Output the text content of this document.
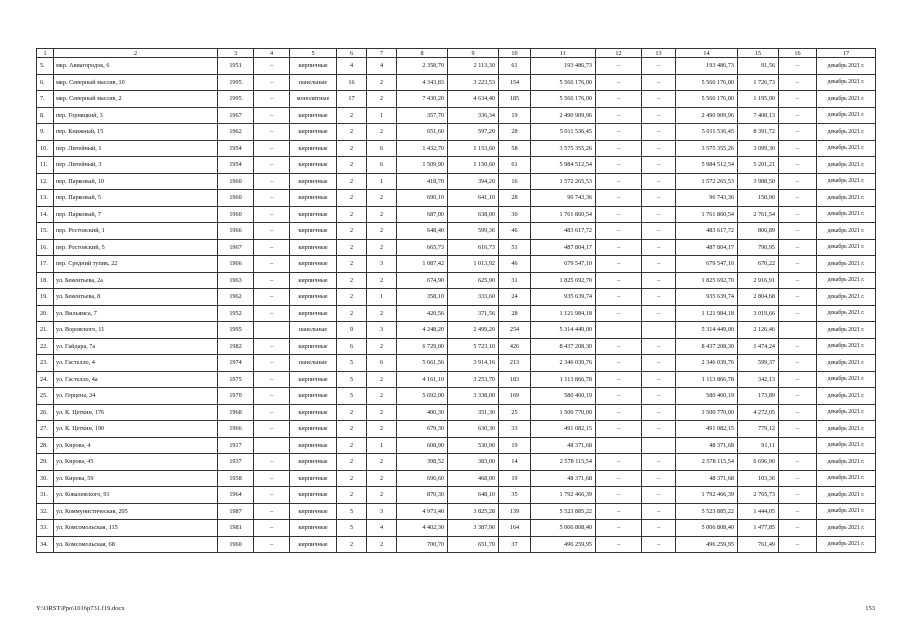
1	2	3	4	5	6	7	8	9	10	11	12	13	14	15	16	17
5.	мкр. Авиагородок, 6	1951	–	кирпичные	4	4	2 358,70	2 113,30	61	193 486,73	–	–	193 486,73	91,56	–	декабрь 2021 г.
6.	мкр. Северный массив, 10	1995	–	панельные	16	2	4 343,83	3 223,53	154	5 566 176,00	–	–	5 566 176,00	1 726,73	–	декабрь 2021 г.
7.	мкр. Северный массив, 2	1995	–	монолитные	17	2	7 430,20	4 634,40	185	5 566 176,00	–	–	5 566 176,00	1 195,90	–	декабрь 2021 г.
8.	пер. Горняцкий, 3	1967	–	кирпичные	2	1	357,70	336,34	19	2 490 909,96	–	–	2 490 909,96	7 408,13	–	декабрь 2021 г.
9.	пер. Книжный, 15	1962	–	кирпичные	2	2	651,60	597,20	28	5 011 536,45	–	–	5 011 536,45	8 391,72	–	декабрь 2021 г.
10.	пер. Литейный, 1	1954	–	кирпичные	2	6	1 432,70	1 153,60	58	3 575 355,26	–	–	3 575 355,26	3 099,30	–	декабрь 2021 г.
11.	пер. Литейный, 3	1954	–	кирпичные	2	6	1 509,90	1 150,60	61	5 984 512,54	–	–	5 984 512,54	5 201,21	–	декабрь 2021 г.
12.	пер. Парковый, 10	1960	–	кирпичные	2	1	418,70	394,20	16	1 572 265,53	–	–	1 572 265,53	3 988,50	–	декабрь 2021 г.
13.	пер. Парковый, 5	1960	–	кирпичные	2	2	690,10	641,10	28	96 743,36	–	–	96 743,36	150,90	–	декабрь 2021 г.
14.	пер. Парковый, 7	1960	–	кирпичные	2	2	687,00	638,00	30	1 761 860,54	–	–	1 761 860,54	2 761,54	–	декабрь 2021 г.
15.	пер. Ростовский, 1	1966	–	кирпичные	2	2	648,40	599,36	46	483 617,72	–	–	483 617,72	806,89	–	декабрь 2021 г.
16.	пер. Ростовский, 5	1967	–	кирпичные	2	2	665,73	616,73	51	487 804,17	–	–	487 804,17	790,95	–	декабрь 2021 г.
17.	пер. Средний тупик, 22	1966	–	кирпичные	2	3	1 087,42	1 013,92	46	679 547,10	–	–	679 547,10	670,22	–	декабрь 2021 г.
18.	ул. Бекентьева, 2а	1963	–	кирпичные	2	2	674,90	625,90	31	1 825 692,70	–	–	1 825 692,70	2 916,91	–	декабрь 2021 г.
19.	ул. Бекентьева, 8	1962	–	кирпичные	2	1	358,10	333,60	24	935 639,74	–	–	935 639,74	2 804,68	–	декабрь 2021 г.
20.	ул. Вильямса, 7	1952	–	кирпичные	2	2	420,56	371,56	28	1 121 984,18	–	–	1 121 984,18	3 019,66	–	декабрь 2021 г.
21.	ул. Воровского, 11	1995		панельные	9	3	4 248,20	2 499,20	254	5 314 449,00			5 314 449,00	2 126,46		декабрь 2021 г.
22.	ул. Гайдара, 7а	1982	–	кирпичные	6	2	6 729,00	5 723,10	426	8 437 208,30	–	–	8 437 208,30	1 474,24	–	декабрь 2021 г.
23.	ул. Гастелло, 4	1974	–	панельные	5	6	5 661,56	3 914,16	213	2 346 039,76	–	–	2 346 039,76	599,37	–	декабрь 2021 г.
24.	ул. Гастелло, 4а	1975	–	кирпичные	5	2	4 161,10	3 253,70	183	1 113 866,78	–	–	1 113 866,78	342,13	–	декабрь 2021 г.
25.	ул. Герцена, 34	1970	–	кирпичные	5	2	5 692,00	3 338,00	169	580 460,19	–	–	580 460,19	173,89	–	декабрь 2021 г.
26.	ул. К. Цеткин, 176	1968	–	кирпичные	2	2	400,30	351,30	25	1 500 770,00	–	–	1 500 770,00	4 272,05	–	декабрь 2021 г.
27.	ул. К. Цеткин, 190	1966	–	кирпичные	2	2	679,30	630,30	33	491 082,15	–	–	491 082,15	779,12	–	декабрь 2021 г.
28.	ул. Кирова, 4	1917		кирпичные	2	1	608,90	530,90	19	48 371,68			48 371,68	91,11		декабрь 2021 г.
29.	ул. Кирова, 45	1937	–	кирпичные	2	2	398,52	383,00	14	2 578 115,54	–	–	2 578 115,54	6 696,90	–	декабрь 2021 г.
30.	ул. Кирова, 59	1958	–	кирпичные	2	2	696,60	468,00	19	48 371,68	–	–	48 371,68	103,36	–	декабрь 2021 г.
31.	ул. Ковалевского, 91	1964	–	кирпичные	2	2	870,30	648,10	35	1 792 466,39	–	–	1 792 466,39	2 765,73	–	декабрь 2021 г.
32.	ул. Коммунистическая, 205	1987	–	кирпичные	5	3	4 973,40	3 825,28	139	5 523 885,22	–	–	5 523 885,22	1 444,05	–	декабрь 2021 г.
33.	ул. Комсомольская, 115	1981	–	кирпичные	5	4	4 402,30	3 387,90	164	5 006 808,40	–	–	5 006 808,40	1 477,85	–	декабрь 2021 г.
34.	ул. Комсомольская, 68	1960	–	кирпичные	2	2	700,70	651,70	37	496 259,95	–	–	496 259,95	761,49	–	декабрь 2021 г.
Y:\ORST\Ppo\1016p731.f19.docx	153
